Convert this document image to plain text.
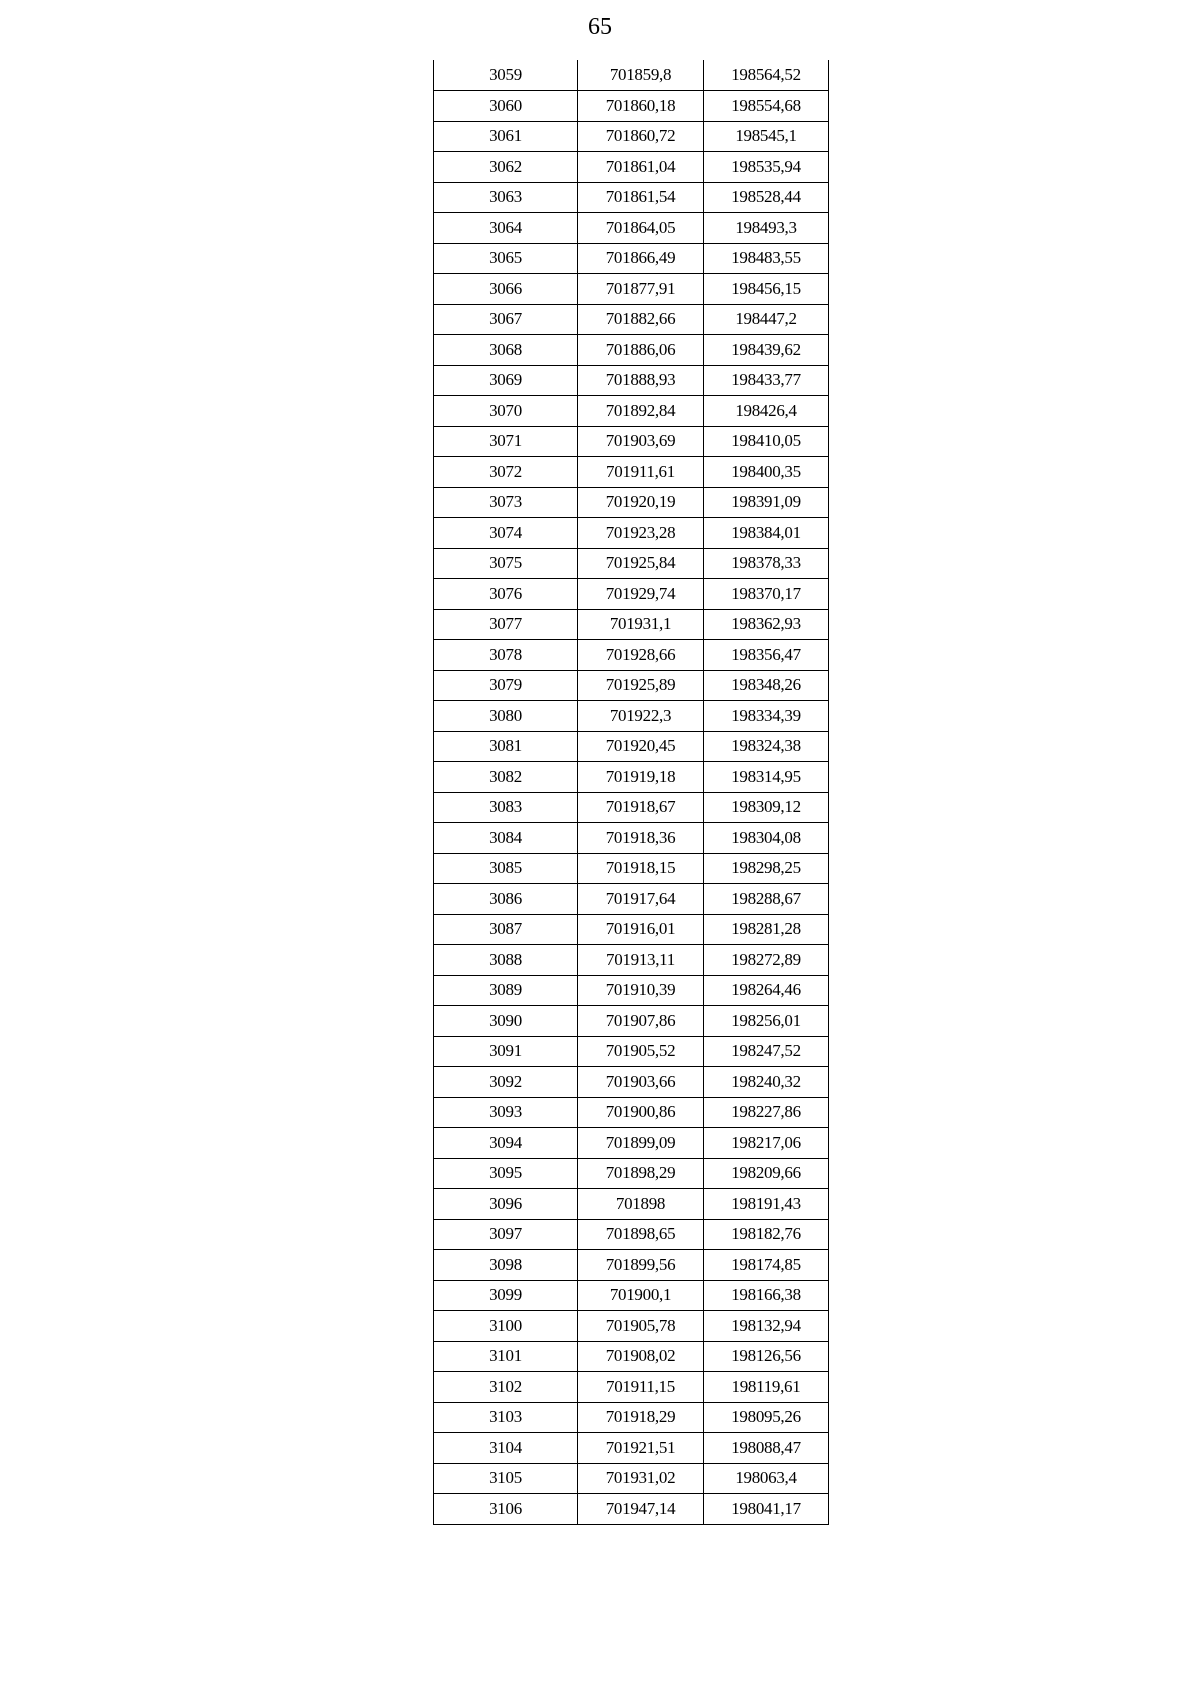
65
3059	701859,8	198564,52
3060	701860,18	198554,68
3061	701860,72	198545,1
3062	701861,04	198535,94
3063	701861,54	198528,44
3064	701864,05	198493,3
3065	701866,49	198483,55
3066	701877,91	198456,15
3067	701882,66	198447,2
3068	701886,06	198439,62
3069	701888,93	198433,77
3070	701892,84	198426,4
3071	701903,69	198410,05
3072	701911,61	198400,35
3073	701920,19	198391,09
3074	701923,28	198384,01
3075	701925,84	198378,33
3076	701929,74	198370,17
3077	701931,1	198362,93
3078	701928,66	198356,47
3079	701925,89	198348,26
3080	701922,3	198334,39
3081	701920,45	198324,38
3082	701919,18	198314,95
3083	701918,67	198309,12
3084	701918,36	198304,08
3085	701918,15	198298,25
3086	701917,64	198288,67
3087	701916,01	198281,28
3088	701913,11	198272,89
3089	701910,39	198264,46
3090	701907,86	198256,01
3091	701905,52	198247,52
3092	701903,66	198240,32
3093	701900,86	198227,86
3094	701899,09	198217,06
3095	701898,29	198209,66
3096	701898	198191,43
3097	701898,65	198182,76
3098	701899,56	198174,85
3099	701900,1	198166,38
3100	701905,78	198132,94
3101	701908,02	198126,56
3102	701911,15	198119,61
3103	701918,29	198095,26
3104	701921,51	198088,47
3105	701931,02	198063,4
3106	701947,14	198041,17
